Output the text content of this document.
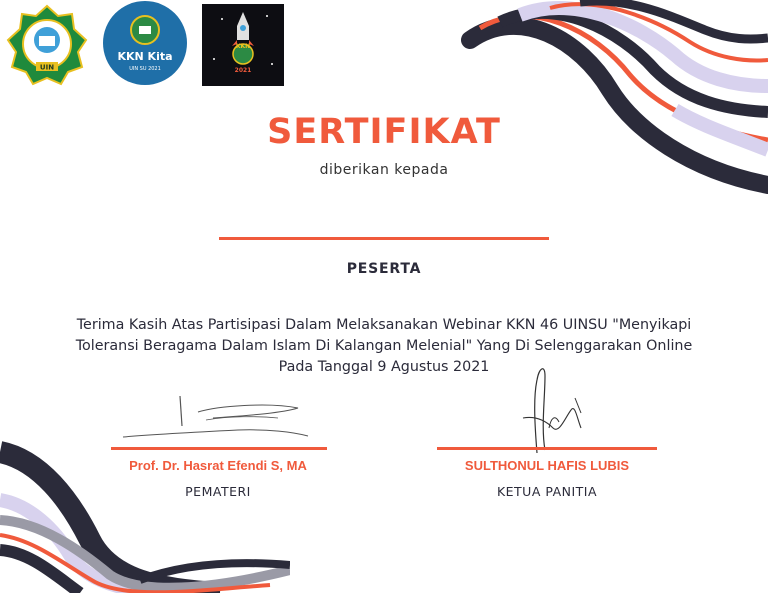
UIN
KKN Kita
UIN SU 2021
KKN
2021
SERTIFIKAT
diberikan kepada
PESERTA
Terima Kasih Atas Partisipasi Dalam Melaksanakan Webinar KKN 46 UINSU "Menyikapi
Toleransi Beragama Dalam Islam Di Kalangan Melenial" Yang Di Selenggarakan Online
Pada Tanggal 9 Agustus 2021
Prof. Dr. Hasrat Efendi S, MA
PEMATERI
SULTHONUL HAFIS LUBIS
KETUA PANITIA
